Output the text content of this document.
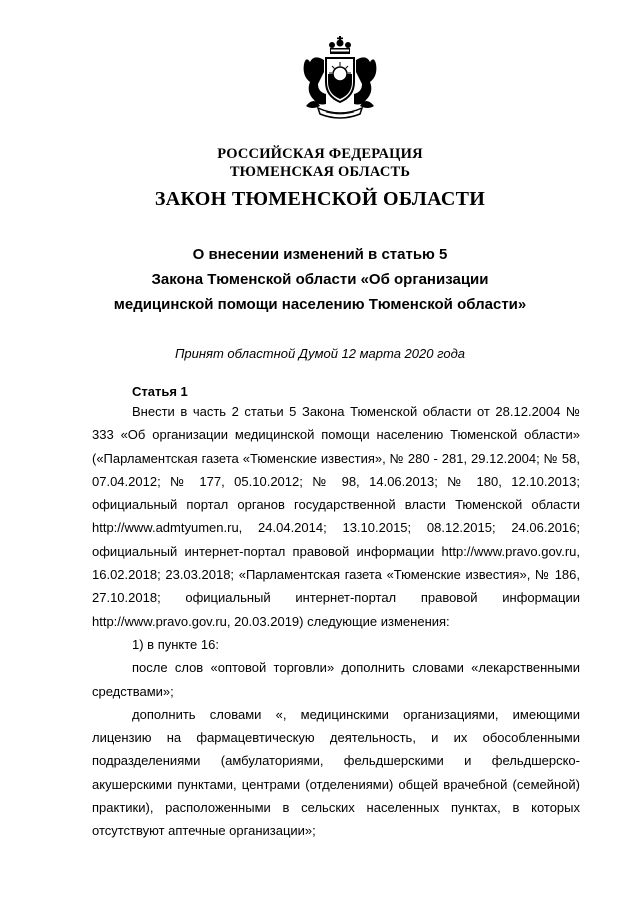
РОССИЙСКАЯ ФЕДЕРАЦИЯ
ТЮМЕНСКАЯ ОБЛАСТЬ
ЗАКОН ТЮМЕНСКОЙ ОБЛАСТИ
О внесении изменений в статью 5
Закона Тюменской области «Об организации
медицинской помощи населению Тюменской области»
Принят областной Думой 12 марта 2020 года
Статья 1

Внести в часть 2 статьи 5 Закона Тюменской области от 28.12.2004 № 333 «Об организации медицинской помощи населению Тюменской области» («Парламентская газета «Тюменские известия», № 280 - 281, 29.12.2004; № 58, 07.04.2012; № 177, 05.10.2012; № 98, 14.06.2013; № 180, 12.10.2013; официальный портал органов государственной власти Тюменской области http://www.admtyumen.ru, 24.04.2014; 13.10.2015; 08.12.2015; 24.06.2016; официальный интернет-портал правовой информации http://www.pravo.gov.ru, 16.02.2018; 23.03.2018; «Парламентская газета «Тюменские известия», № 186, 27.10.2018; официальный интернет-портал правовой информации http://www.pravo.gov.ru, 20.03.2019) следующие изменения:

1) в пункте 16:

после слов «оптовой торговли» дополнить словами «лекарственными средствами»;

дополнить словами «, медицинскими организациями, имеющими лицензию на фармацевтическую деятельность, и их обособленными подразделениями (амбулаториями, фельдшерскими и фельдшерско-акушерскими пунктами, центрами (отделениями) общей врачебной (семейной) практики), расположенными в сельских населенных пунктах, в которых отсутствуют аптечные организации»;
